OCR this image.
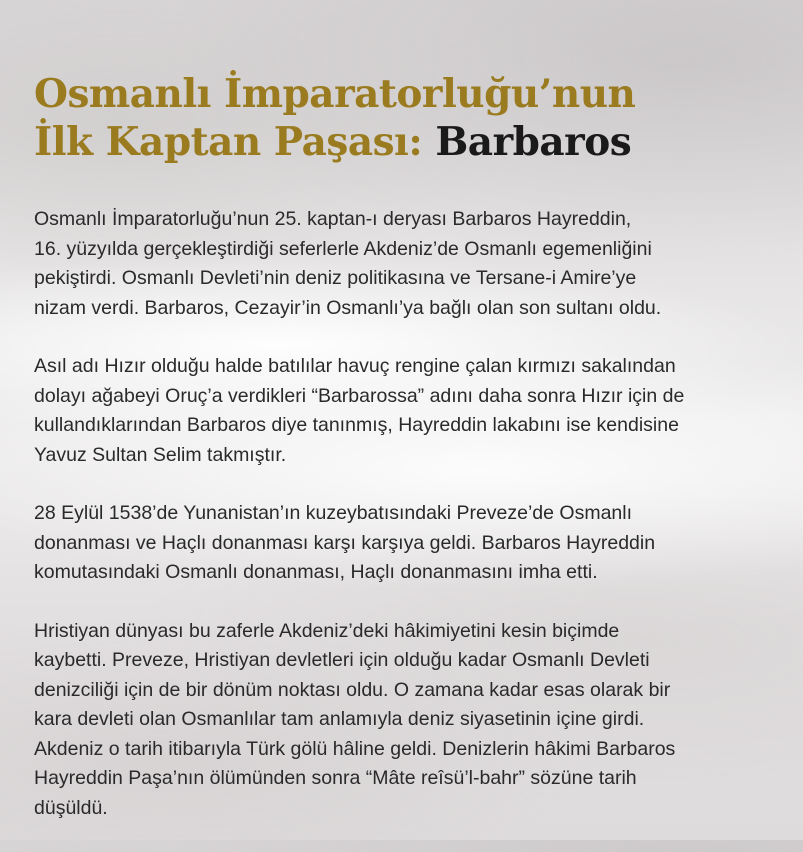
Osmanlı İmparatorluğu’nun
İlk Kaptan Paşası: Barbaros

Osmanlı İmparatorluğu’nun 25. kaptan-ı deryası Barbaros Hayreddin,
16. yüzyılda gerçekleştirdiği seferlerle Akdeniz’de Osmanlı egemenliğini
pekiştirdi. Osmanlı Devleti’nin deniz politikasına ve Tersane-i Amire’ye
nizam verdi. Barbaros, Cezayir’in Osmanlı’ya bağlı olan son sultanı oldu.

Asıl adı Hızır olduğu halde batılılar havuç rengine çalan kırmızı sakalından
dolayı ağabeyi Oruç’a verdikleri “Barbarossa” adını daha sonra Hızır için de
kullandıklarından Barbaros diye tanınmış, Hayreddin lakabını ise kendisine
Yavuz Sultan Selim takmıştır.

28 Eylül 1538’de Yunanistan’ın kuzeybatısındaki Preveze’de Osmanlı
donanması ve Haçlı donanması karşı karşıya geldi. Barbaros Hayreddin
komutasındaki Osmanlı donanması, Haçlı donanmasını imha etti.

Hristiyan dünyası bu zaferle Akdeniz’deki hâkimiyetini kesin biçimde
kaybetti. Preveze, Hristiyan devletleri için olduğu kadar Osmanlı Devleti
denizciliği için de bir dönüm noktası oldu. O zamana kadar esas olarak bir
kara devleti olan Osmanlılar tam anlamıyla deniz siyasetinin içine girdi.
Akdeniz o tarih itibarıyla Türk gölü hâline geldi. Denizlerin hâkimi Barbaros
Hayreddin Paşa’nın ölümünden sonra “Mâte reîsü’l-bahr” sözüne tarih
düşüldü.
